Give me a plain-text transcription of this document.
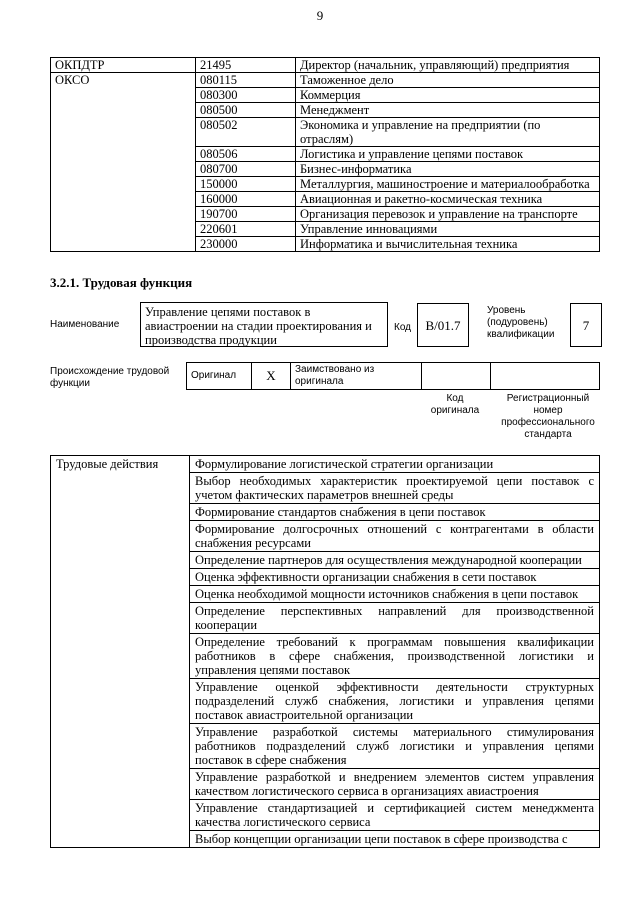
9
ОКПДТР	21495	Директор (начальник, управляющий) предприятия
ОКСО	080115	Таможенное дело
	080300	Коммерция
	080500	Менеджмент
	080502	Экономика и управление на предприятии (по отраслям)
	080506	Логистика и управление цепями поставок
	080700	Бизнес-информатика
	150000	Металлургия, машиностроение и материалообработка
	160000	Авиационная и ракетно-космическая техника
	190700	Организация перевозок и управление на транспорте
	220601	Управление инновациями
	230000	Информатика и вычислительная техника
3.2.1. Трудовая функция
Наименование
Управление цепями поставок в авиастроении на стадии проектирования и производства продукции
Код	B/01.7
Уровень (подуровень) квалификации
7
Происхождение трудовой функции
Оригинал	X	Заимствовано из оригинала		
Код оригинала
Регистрационный номер профессионального стандарта
Трудовые действия	Формулирование логистической стратегии организации
Выбор необходимых характеристик проектируемой цепи поставок с учетом фактических параметров внешней среды
Формирование стандартов снабжения в цепи поставок
Формирование долгосрочных отношений с контрагентами в области снабжения ресурсами
Определение партнеров для осуществления международной кооперации
Оценка эффективности организации снабжения в сети поставок
Оценка необходимой мощности источников снабжения в цепи поставок
Определение перспективных направлений для производственной кооперации
Определение требований к программам повышения квалификации работников в сфере снабжения, производственной логистики и управления цепями поставок
Управление оценкой эффективности деятельности структурных подразделений служб снабжения, логистики и управления цепями поставок авиастроительной организации
Управление разработкой системы материального стимулирования работников подразделений служб логистики и управления цепями поставок в сфере снабжения
Управление разработкой и внедрением элементов систем управления качеством логистического сервиса в организациях авиастроения
Управление стандартизацией и сертификацией систем менеджмента качества логистического сервиса
Выбор концепции организации цепи поставок в сфере производства с
